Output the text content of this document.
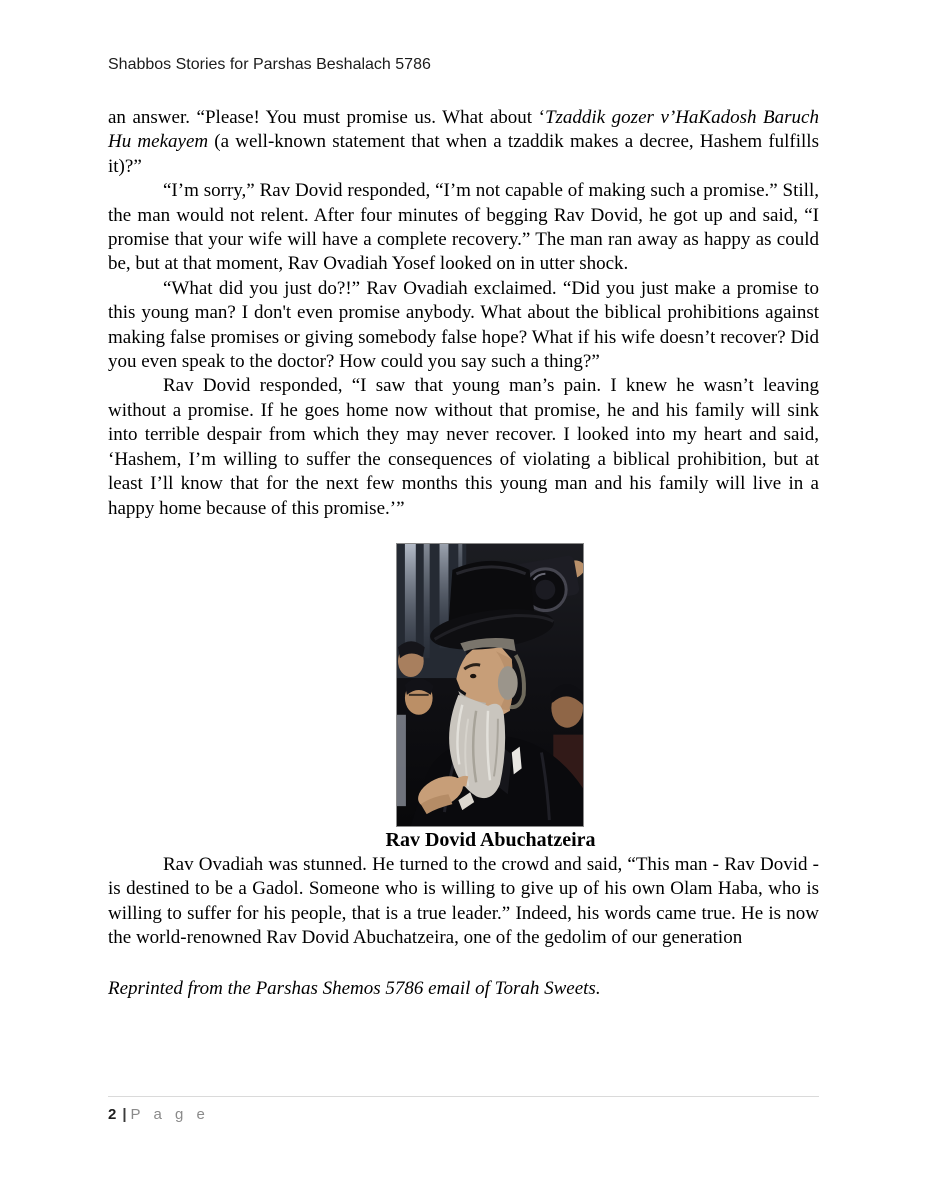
Shabbos Stories for Parshas Beshalach 5786

an answer. “Please! You must promise us. What about ‘Tzaddik gozer v’HaKadosh Baruch Hu mekayem (a well-known statement that when a tzaddik makes a decree, Hashem fulfills it)?”

“I’m sorry,” Rav Dovid responded, “I’m not capable of making such a promise.” Still, the man would not relent. After four minutes of begging Rav Dovid, he got up and said, “I promise that your wife will have a complete recovery.” The man ran away as happy as could be, but at that moment, Rav Ovadiah Yosef looked on in utter shock.

“What did you just do?!” Rav Ovadiah exclaimed. “Did you just make a promise to this young man? I don't even promise anybody. What about the biblical prohibitions against making false promises or giving somebody false hope? What if his wife doesn’t recover? Did you even speak to the doctor? How could you say such a thing?”

Rav Dovid responded, “I saw that young man’s pain. I knew he wasn’t leaving without a promise. If he goes home now without that promise, he and his family will sink into terrible despair from which they may never recover. I looked into my heart and said, ‘Hashem, I’m willing to suffer the consequences of violating a biblical prohibition, but at least I’ll know that for the next few months this young man and his family will live in a happy home because of this promise.’”

Rav Dovid Abuchatzeira

Rav Ovadiah was stunned. He turned to the crowd and said, “This man - Rav Dovid - is destined to be a Gadol. Someone who is willing to give up of his own Olam Haba, who is willing to suffer for his people, that is a true leader.” Indeed, his words came true. He is now the world-renowned Rav Dovid Abuchatzeira, one of the gedolim of our generation

Reprinted from the Parshas Shemos 5786 email of Torah Sweets.

2 | P a g e
